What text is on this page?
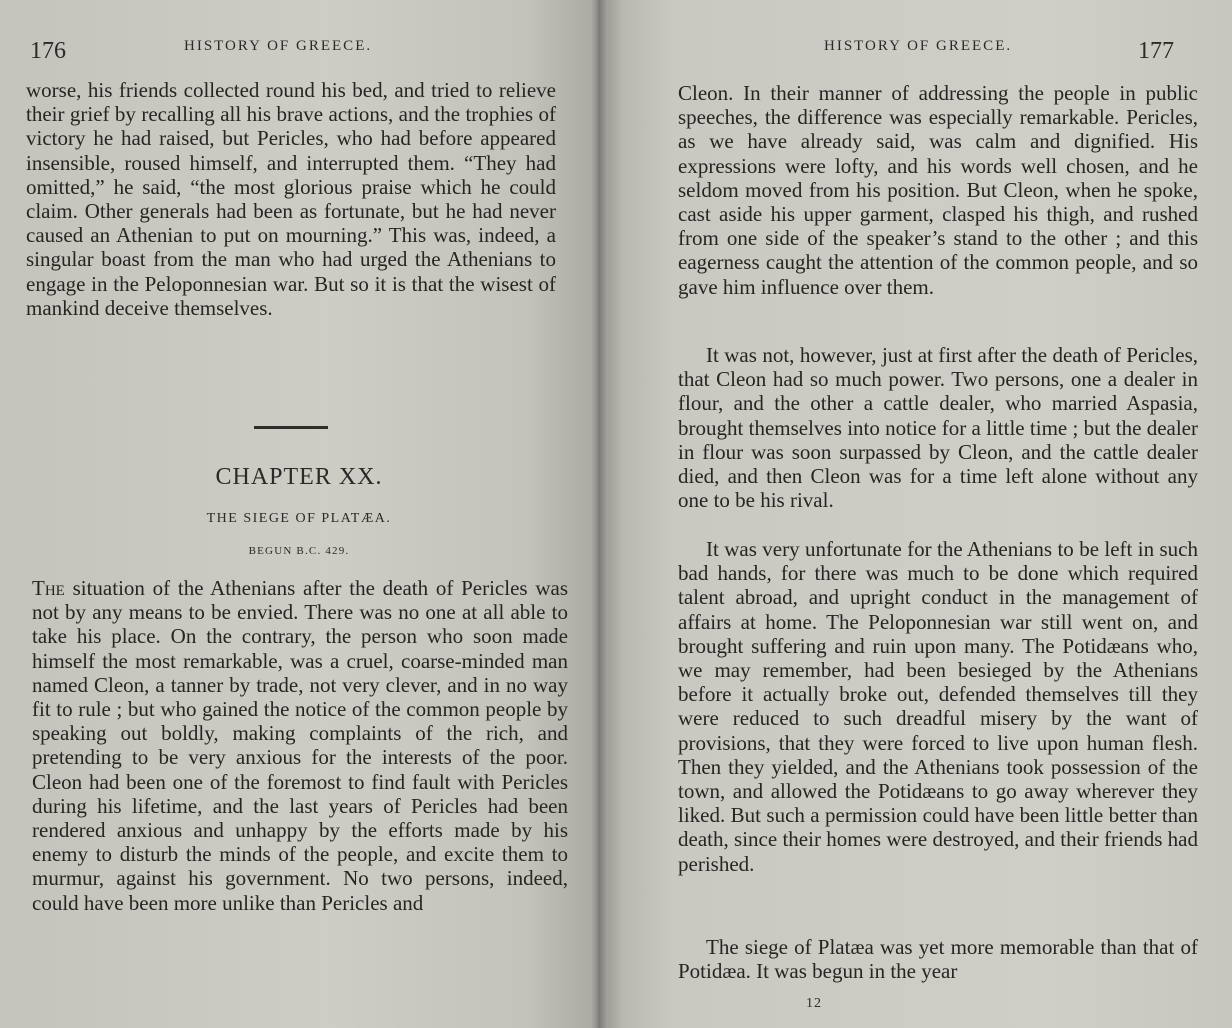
176	HISTORY OF GREECE.

worse, his friends collected round his bed, and tried to relieve their grief by recalling all his brave actions, and the trophies of victory he had raised, but Pericles, who had before appeared insensible, roused himself, and interrupted them. “They had omitted,” he said, “the most glorious praise which he could claim. Other generals had been as fortunate, but he had never caused an Athenian to put on mourning.” This was, indeed, a singular boast from the man who had urged the Athenians to engage in the Peloponnesian war. But so it is that the wisest of mankind deceive themselves.

CHAPTER XX.
THE SIEGE OF PLATÆA.
BEGUN B.C. 429.

The situation of the Athenians after the death of Pericles was not by any means to be envied. There was no one at all able to take his place. On the contrary, the person who soon made himself the most remarkable, was a cruel, coarse-minded man named Cleon, a tanner by trade, not very clever, and in no way fit to rule ; but who gained the notice of the common people by speaking out boldly, making complaints of the rich, and pretending to be very anxious for the interests of the poor. Cleon had been one of the foremost to find fault with Pericles during his lifetime, and the last years of Pericles had been rendered anxious and unhappy by the efforts made by his enemy to disturb the minds of the people, and excite them to murmur, against his government. No two persons, indeed, could have been more unlike than Pericles and

HISTORY OF GREECE.	177

Cleon. In their manner of addressing the people in public speeches, the difference was especially remarkable. Pericles, as we have already said, was calm and dignified. His expressions were lofty, and his words well chosen, and he seldom moved from his position. But Cleon, when he spoke, cast aside his upper garment, clasped his thigh, and rushed from one side of the speaker’s stand to the other ; and this eagerness caught the attention of the common people, and so gave him influence over them.

It was not, however, just at first after the death of Pericles, that Cleon had so much power. Two persons, one a dealer in flour, and the other a cattle dealer, who married Aspasia, brought themselves into notice for a little time ; but the dealer in flour was soon surpassed by Cleon, and the cattle dealer died, and then Cleon was for a time left alone without any one to be his rival.

It was very unfortunate for the Athenians to be left in such bad hands, for there was much to be done which required talent abroad, and upright conduct in the management of affairs at home. The Peloponnesian war still went on, and brought suffering and ruin upon many. The Potidæans who, we may remember, had been besieged by the Athenians before it actually broke out, defended themselves till they were reduced to such dreadful misery by the want of provisions, that they were forced to live upon human flesh. Then they yielded, and the Athenians took possession of the town, and allowed the Potidæans to go away wherever they liked. But such a permission could have been little better than death, since their homes were destroyed, and their friends had perished.

The siege of Platæa was yet more memorable than that of Potidæa. It was begun in the year

12
